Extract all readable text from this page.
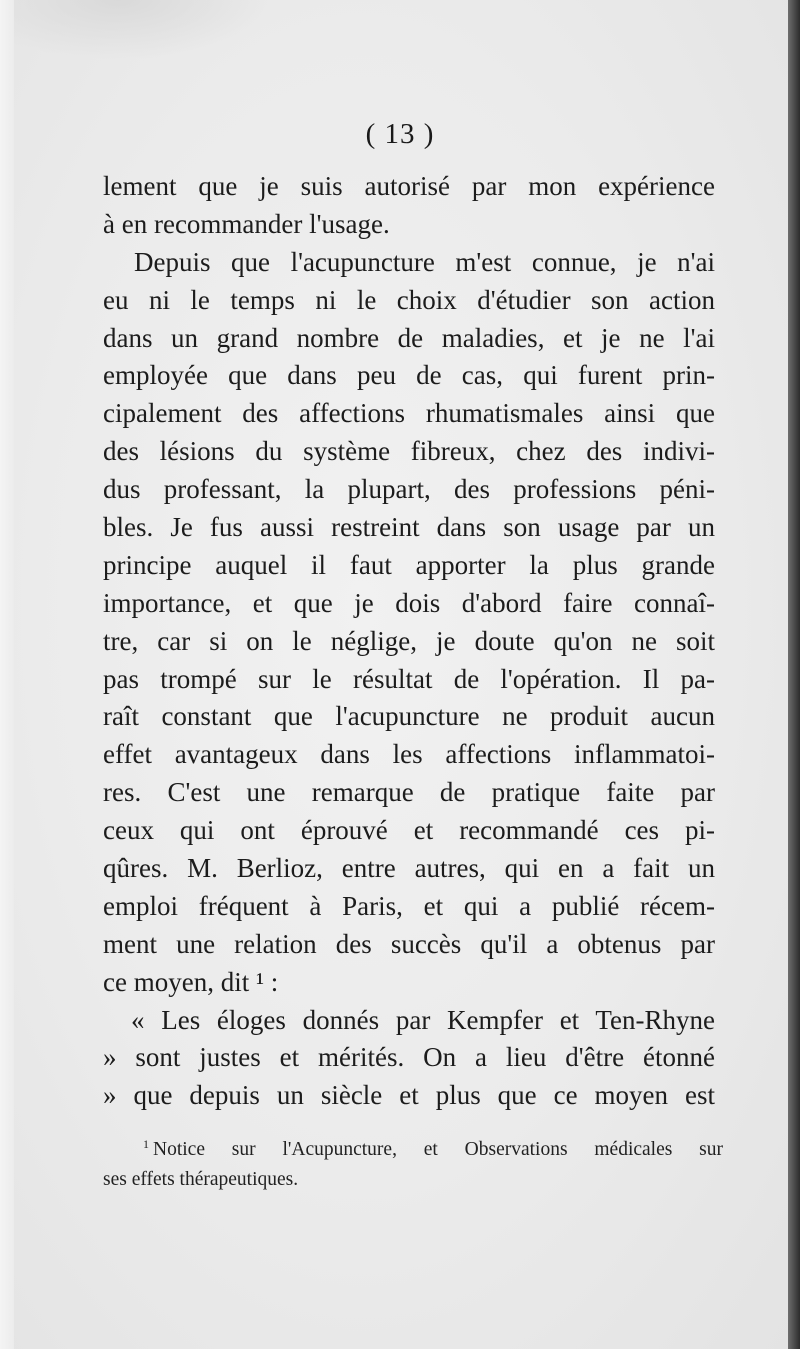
( 13 )
lement que je suis autorisé par mon expérience
à en recommander l'usage.
Depuis que l'acupuncture m'est connue, je n'ai
eu ni le temps ni le choix d'étudier son action
dans un grand nombre de maladies, et je ne l'ai
employée que dans peu de cas, qui furent prin-
cipalement des affections rhumatismales ainsi que
des lésions du système fibreux, chez des indivi-
dus professant, la plupart, des professions péni-
bles. Je fus aussi restreint dans son usage par un
principe auquel il faut apporter la plus grande
importance, et que je dois d'abord faire connaî-
tre, car si on le néglige, je doute qu'on ne soit
pas trompé sur le résultat de l'opération. Il pa-
raît constant que l'acupuncture ne produit aucun
effet avantageux dans les affections inflammatoi-
res. C'est une remarque de pratique faite par
ceux qui ont éprouvé et recommandé ces pi-
qûres. M. Berlioz, entre autres, qui en a fait un
emploi fréquent à Paris, et qui a publié récem-
ment une relation des succès qu'il a obtenus par
ce moyen, dit ¹ :
« Les éloges donnés par Kempfer et Ten-Rhyne
» sont justes et mérités. On a lieu d'être étonné
» que depuis un siècle et plus que ce moyen est
$^1$ Notice sur l'Acupuncture, et Observations médicales sur
ses effets thérapeutiques.
